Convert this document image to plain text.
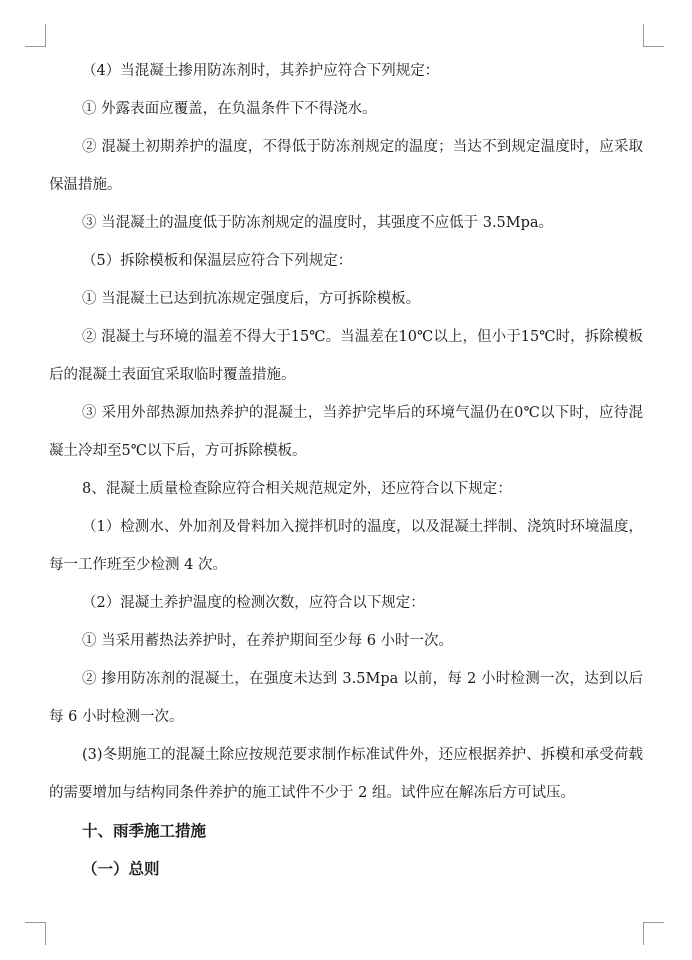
（4）当混凝土掺用防冻剂时，其养护应符合下列规定：

① 外露表面应覆盖，在负温条件下不得浇水。

② 混凝土初期养护的温度，不得低于防冻剂规定的温度；当达不到规定温度时，应采取保温措施。

③ 当混凝土的温度低于防冻剂规定的温度时，其强度不应低于 3.5Mpa。

（5）拆除模板和保温层应符合下列规定：

① 当混凝土已达到抗冻规定强度后，方可拆除模板。

② 混凝土与环境的温差不得大于15℃。当温差在10℃以上，但小于15℃时，拆除模板后的混凝土表面宜采取临时覆盖措施。

③ 采用外部热源加热养护的混凝土，当养护完毕后的环境气温仍在0℃以下时，应待混凝土冷却至5℃以下后，方可拆除模板。

8、混凝土质量检查除应符合相关规范规定外，还应符合以下规定：

（1）检测水、外加剂及骨料加入搅拌机时的温度，以及混凝土拌制、浇筑时环境温度，每一工作班至少检测 4 次。

（2）混凝土养护温度的检测次数，应符合以下规定：

① 当采用蓄热法养护时，在养护期间至少每 6 小时一次。

② 掺用防冻剂的混凝土，在强度未达到 3.5Mpa 以前，每 2 小时检测一次，达到以后每 6 小时检测一次。

(3)冬期施工的混凝土除应按规范要求制作标准试件外，还应根据养护、拆模和承受荷载的需要增加与结构同条件养护的施工试件不少于 2 组。试件应在解冻后方可试压。

十、雨季施工措施

（一）总则
